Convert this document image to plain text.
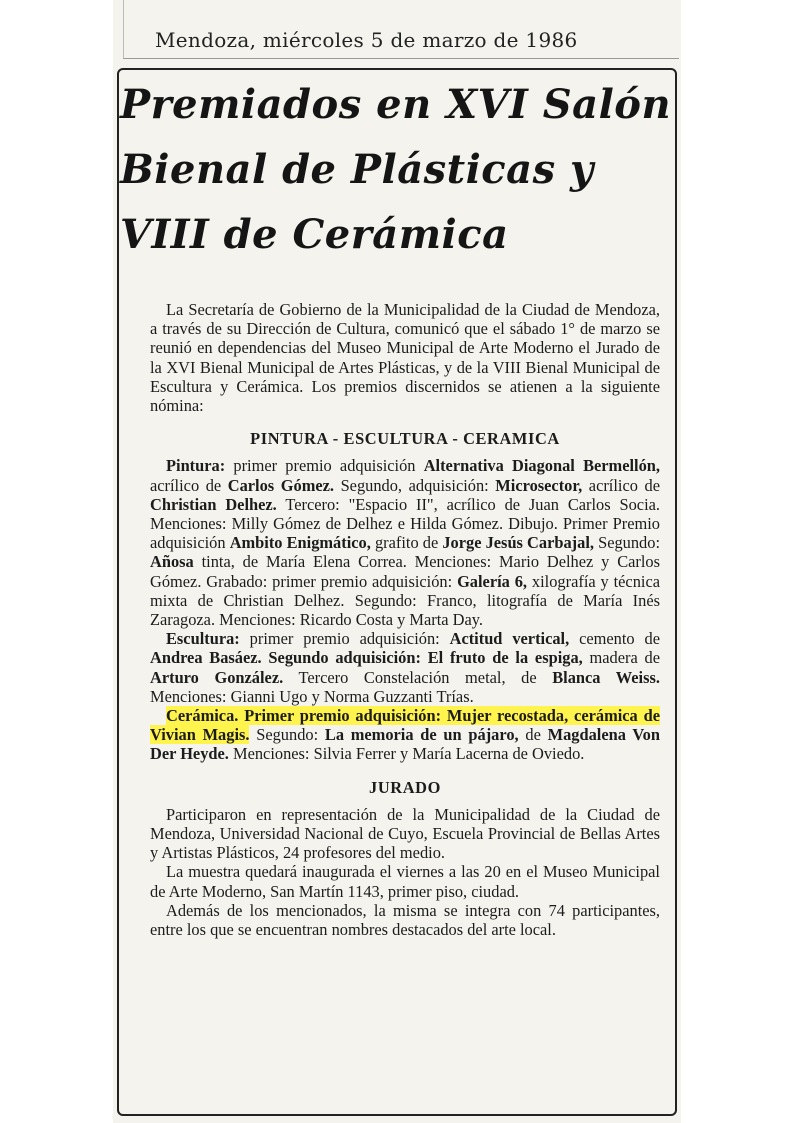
Mendoza, miércoles 5 de marzo de 1986
Premiados en XVI Salón
Bienal de Plásticas y
VIII de Cerámica

La Secretaría de Gobierno de la Municipalidad de la Ciudad de Mendoza, a través de su Dirección de Cultura, comunicó que el sábado 1° de marzo se reunió en dependencias del Museo Municipal de Arte Moderno el Jurado de la XVI Bienal Municipal de Artes Plásticas, y de la VIII Bienal Municipal de Escultura y Cerámica. Los premios discernidos se atienen a la siguiente nómina:

PINTURA - ESCULTURA - CERAMICA

Pintura: primer premio adquisición Alternativa Diagonal Bermellón, acrílico de Carlos Gómez. Segundo, adquisición: Microsector, acrílico de Christian Delhez. Tercero: "Espacio II", acrílico de Juan Carlos Socia. Menciones: Milly Gómez de Delhez e Hilda Gómez. Dibujo. Primer Premio adquisición Ambito Enigmático, grafito de Jorge Jesús Carbajal, Segundo: Añosa tinta, de María Elena Correa. Menciones: Mario Delhez y Carlos Gómez. Grabado: primer premio adquisición: Galería 6, xilografía y técnica mixta de Christian Delhez. Segundo: Franco, litografía de María Inés Zaragoza. Menciones: Ricardo Costa y Marta Day.

Escultura: primer premio adquisición: Actitud vertical, cemento de Andrea Basáez. Segundo adquisición: El fruto de la espiga, madera de Arturo González. Tercero Constelación metal, de Blanca Weiss. Menciones: Gianni Ugo y Norma Guzzanti Trías.

Cerámica. Primer premio adquisición: Mujer recostada, cerámica de Vivian Magis. Segundo: La memoria de un pájaro, de Magdalena Von Der Heyde. Menciones: Silvia Ferrer y María Lacerna de Oviedo.

JURADO

Participaron en representación de la Municipalidad de la Ciudad de Mendoza, Universidad Nacional de Cuyo, Escuela Provincial de Bellas Artes y Artistas Plásticos, 24 profesores del medio.

La muestra quedará inaugurada el viernes a las 20 en el Museo Municipal de Arte Moderno, San Martín 1143, primer piso, ciudad.

Además de los mencionados, la misma se integra con 74 participantes, entre los que se encuentran nombres destacados del arte local.
